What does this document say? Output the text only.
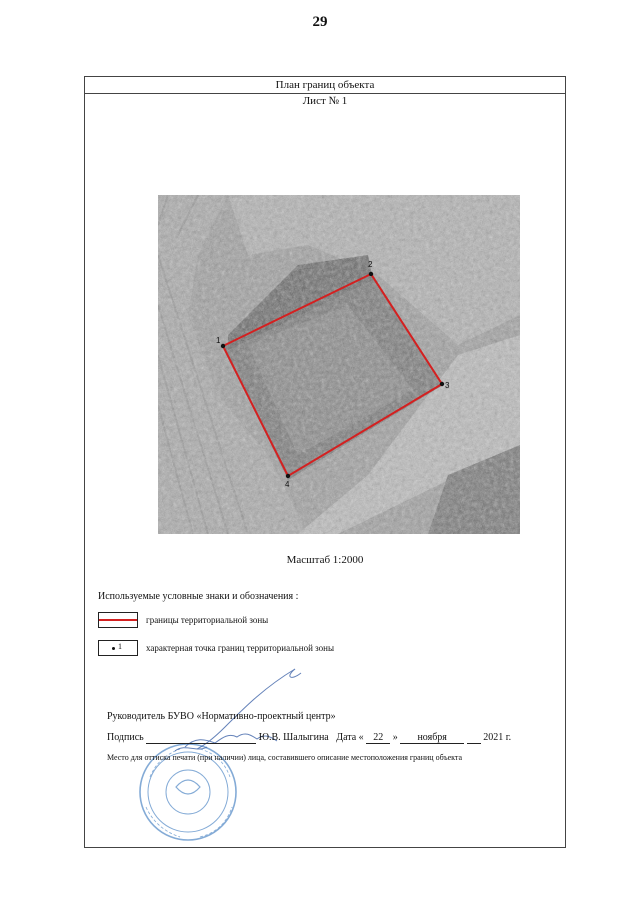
29
План границ объекта
Лист № 1
1
2
3
4
Масштаб 1:2000
Используемые условные знаки и обозначения :
границы территориальной зоны
1	характерная точка границ территориальной зоны
Руководитель БУВО «Нормативно-проектный центр»
Подпись	Ю.В. Шалыгина Дата « 22 » ноября	2021 г.
Место для оттиска печати (при наличии) лица, составившего описание местоположения границ объекта
